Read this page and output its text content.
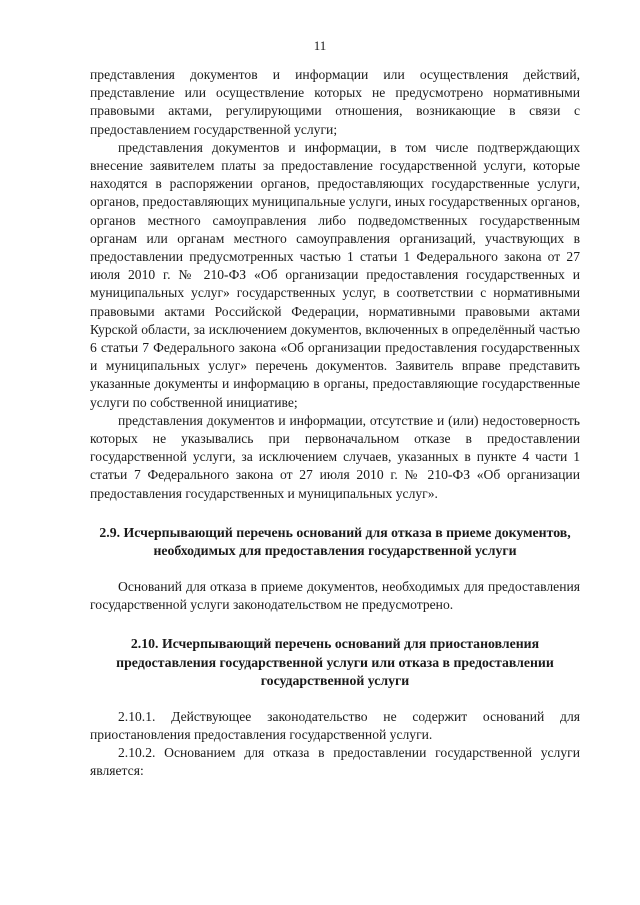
11

представления документов и информации или осуществления действий, представление или осуществление которых не предусмотрено нормативными правовыми актами, регулирующими отношения, возникающие в связи с предоставлением государственной услуги;

представления документов и информации, в том числе подтверждающих внесение заявителем платы за предоставление государственной услуги, которые находятся в распоряжении органов, предоставляющих государственные услуги, органов, предоставляющих муниципальные услуги, иных государственных органов, органов местного самоуправления либо подведомственных государственным органам или органам местного самоуправления организаций, участвующих в предоставлении предусмотренных частью 1 статьи 1 Федерального закона от 27 июля 2010 г. № 210-ФЗ «Об организации предоставления государственных и муниципальных услуг» государственных услуг, в соответствии с нормативными правовыми актами Российской Федерации, нормативными правовыми актами Курской области, за исключением документов, включенных в определённый частью 6 статьи 7 Федерального закона «Об организации предоставления государственных и муниципальных услуг» перечень документов. Заявитель вправе представить указанные документы и информацию в органы, предоставляющие государственные услуги по собственной инициативе;

представления документов и информации, отсутствие и (или) недостоверность которых не указывались при первоначальном отказе в предоставлении государственной услуги, за исключением случаев, указанных в пункте 4 части 1 статьи 7 Федерального закона от 27 июля 2010 г. № 210-ФЗ «Об организации предоставления государственных и муниципальных услуг».

2.9. Исчерпывающий перечень оснований для отказа в приеме документов, необходимых для предоставления государственной услуги

Оснований для отказа в приеме документов, необходимых для предоставления государственной услуги законодательством не предусмотрено.

2.10. Исчерпывающий перечень оснований для приостановления предоставления государственной услуги или отказа в предоставлении государственной услуги

2.10.1. Действующее законодательство не содержит оснований для приостановления предоставления государственной услуги.

2.10.2. Основанием для отказа в предоставлении государственной услуги является:
